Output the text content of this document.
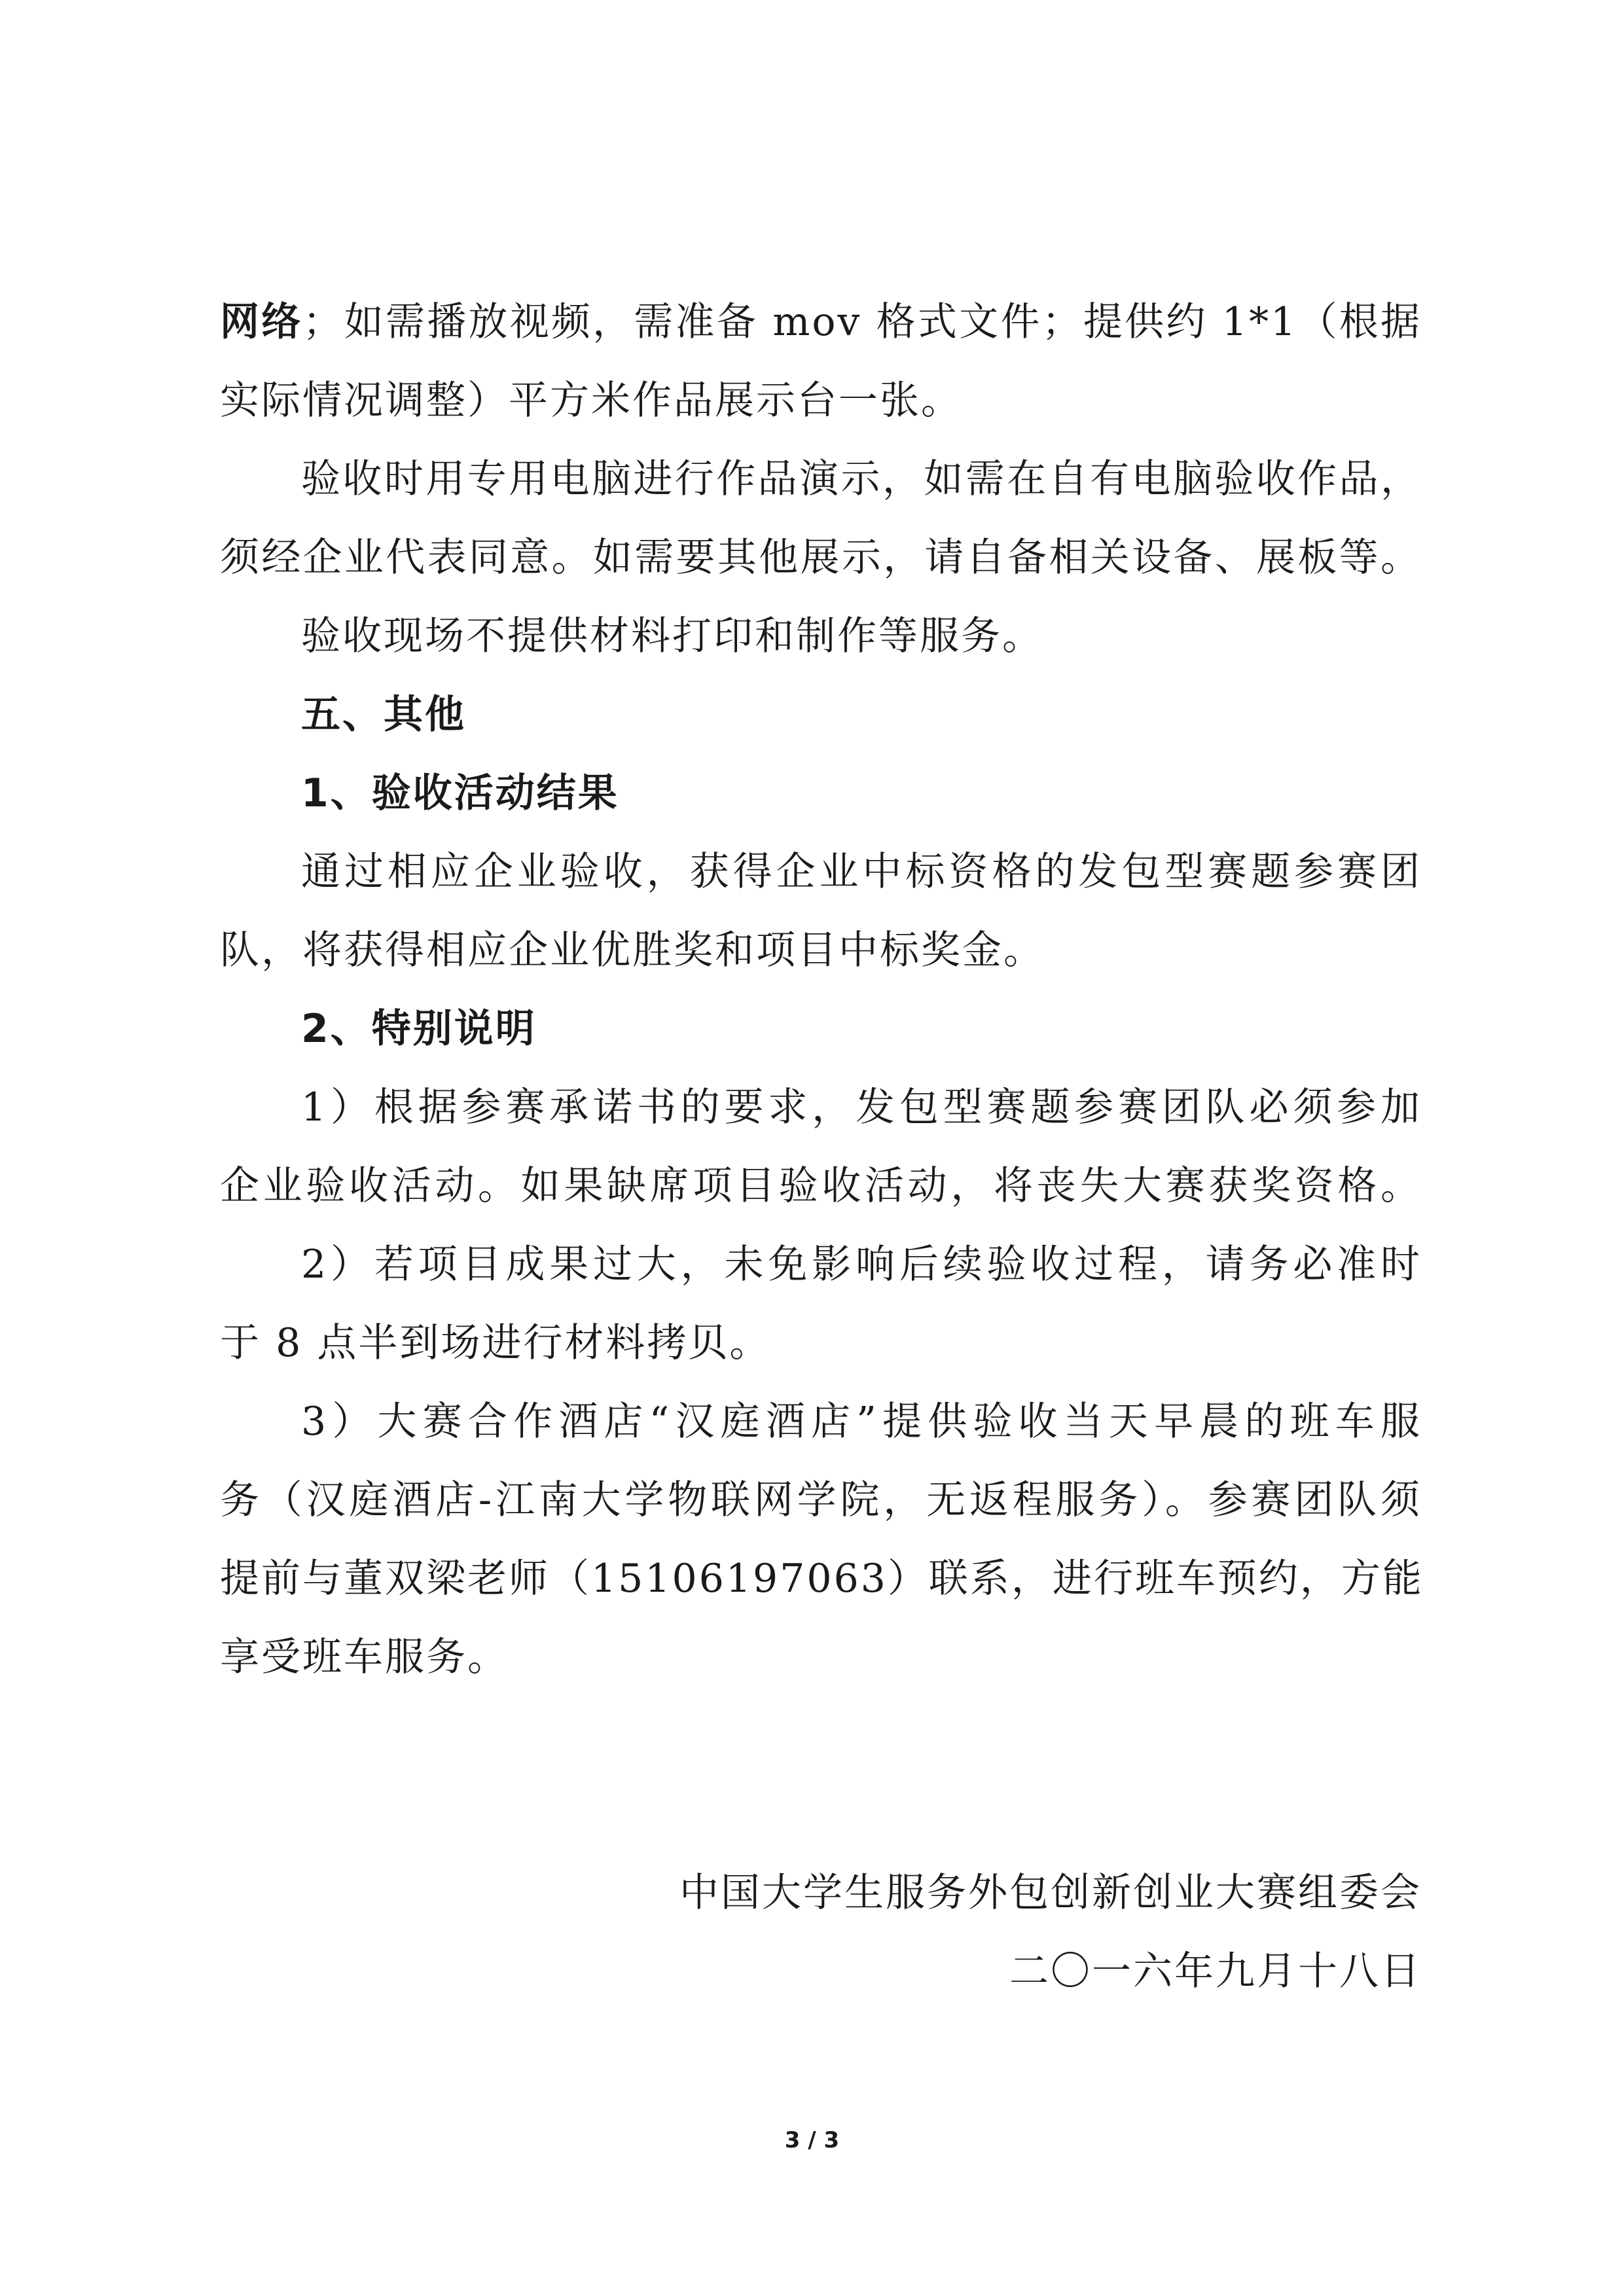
网络；如需播放视频，需准备 mov 格式文件；提供约 1*1（根据
实际情况调整）平方米作品展示台一张。
验收时用专用电脑进行作品演示，如需在自有电脑验收作品，
须经企业代表同意。如需要其他展示，请自备相关设备、展板等。
验收现场不提供材料打印和制作等服务。
五、其他
1、验收活动结果
通过相应企业验收，获得企业中标资格的发包型赛题参赛团
队，将获得相应企业优胜奖和项目中标奖金。
2、特别说明
1）根据参赛承诺书的要求，发包型赛题参赛团队必须参加
企业验收活动。如果缺席项目验收活动，将丧失大赛获奖资格。
2）若项目成果过大，未免影响后续验收过程，请务必准时
于 8 点半到场进行材料拷贝。
3）大赛合作酒店“汉庭酒店”提供验收当天早晨的班车服
务（汉庭酒店-江南大学物联网学院，无返程服务）。参赛团队须
提前与董双梁老师（15106197063）联系，进行班车预约，方能
享受班车服务。
中国大学生服务外包创新创业大赛组委会
二〇一六年九月十八日
3 / 3
